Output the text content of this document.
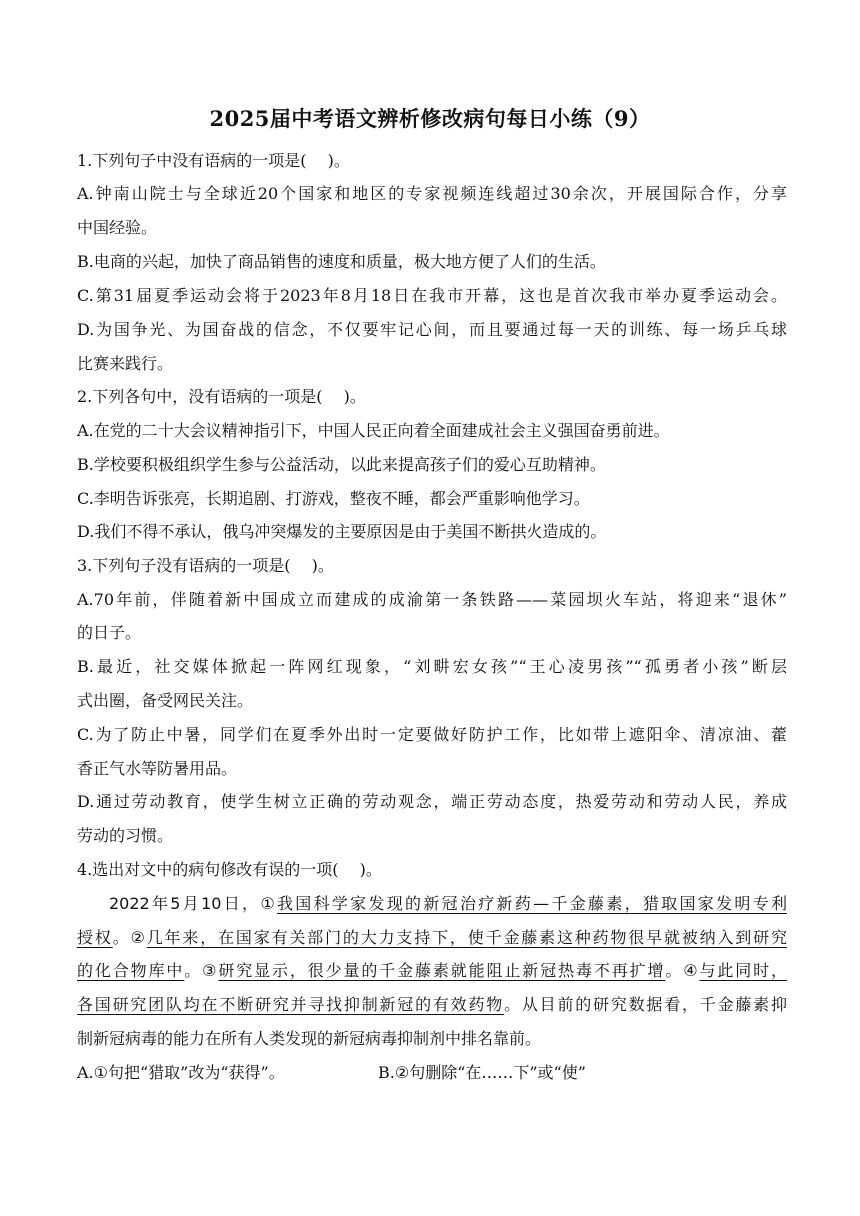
2025届中考语文辨析修改病句每日小练（9）
1.下列句子中没有语病的一项是(　 )。
A.钟南山院士与全球近20个国家和地区的专家视频连线超过30余次，开展国际合作，分享
中国经验。
B.电商的兴起，加快了商品销售的速度和质量，极大地方便了人们的生活。
C.第31届夏季运动会将于2023年8月18日在我市开幕，这也是首次我市举办夏季运动会。
D.为国争光、为国奋战的信念，不仅要牢记心间，而且要通过每一天的训练、每一场乒乓球
比赛来践行。
2.下列各句中，没有语病的一项是(　 )。
A.在党的二十大会议精神指引下，中国人民正向着全面建成社会主义强国奋勇前进。
B.学校要积极组织学生参与公益活动，以此来提高孩子们的爱心互助精神。
C.李明告诉张亮，长期追剧、打游戏，整夜不睡，都会严重影响他学习。
D.我们不得不承认，俄乌冲突爆发的主要原因是由于美国不断拱火造成的。
3.下列句子没有语病的一项是(　 )。
A.70年前，伴随着新中国成立而建成的成渝第一条铁路——菜园坝火车站，将迎来“退休”
的日子。
B.最近，社交媒体掀起一阵网红现象，“刘畊宏女孩”“王心凌男孩”“孤勇者小孩”断层
式出圈，备受网民关注。
C.为了防止中暑，同学们在夏季外出时一定要做好防护工作，比如带上遮阳伞、清凉油、藿
香正气水等防暑用品。
D.通过劳动教育，使学生树立正确的劳动观念，端正劳动态度，热爱劳动和劳动人民，养成
劳动的习惯。
4.选出对文中的病句修改有误的一项(　 )。
2022年5月10日，①我国科学家发现的新冠治疗新药—千金藤素，猎取国家发明专利
授权。②几年来，在国家有关部门的大力支持下，使千金藤素这种药物很早就被纳入到研究
的化合物库中。③研究显示，很少量的千金藤素就能阻止新冠热毒不再扩增。④与此同时，
各国研究团队均在不断研究并寻找抑制新冠的有效药物。从目前的研究数据看，千金藤素抑
制新冠病毒的能力在所有人类发现的新冠病毒抑制剂中排名靠前。
A.①句把“猎取”改为“获得”。	B.②句删除“在……下”或“使”
